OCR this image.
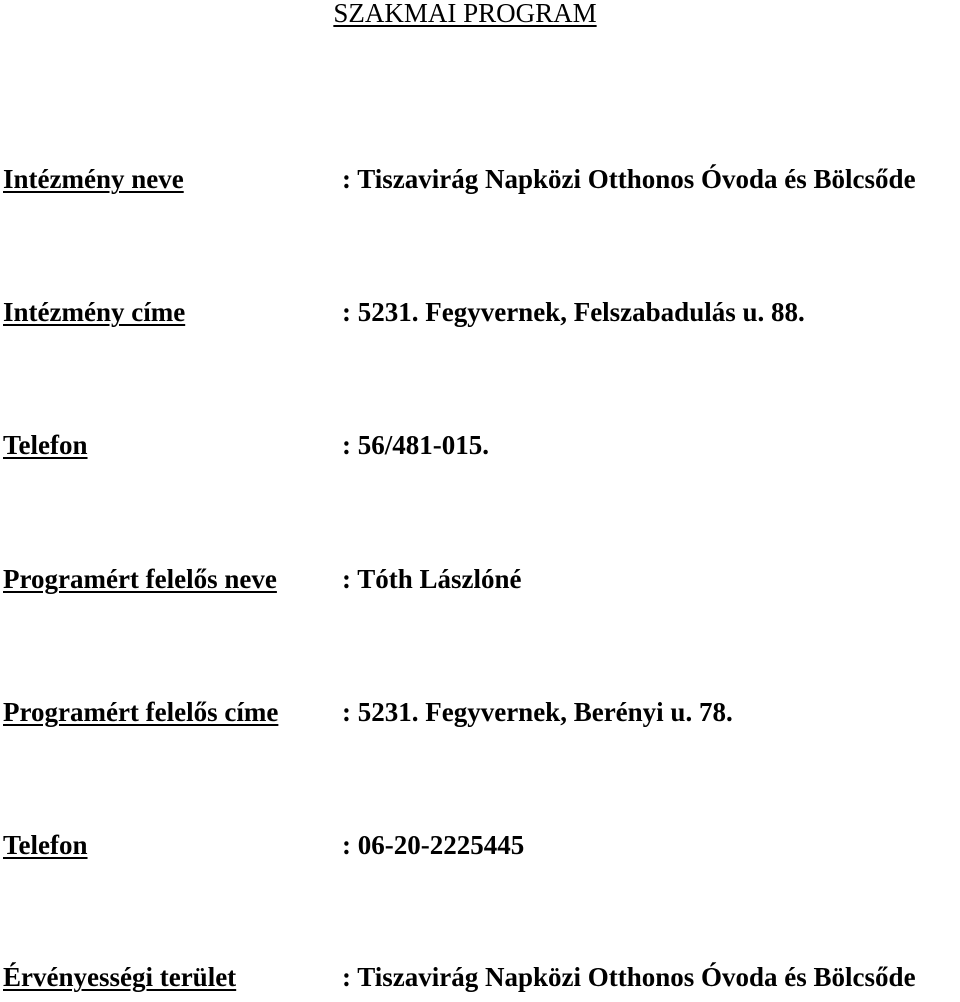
SZAKMAI PROGRAM
Intézmény neve	: Tiszavirág Napközi Otthonos Óvoda és Bölcsőde
Intézmény címe	: 5231. Fegyvernek, Felszabadulás u. 88.
Telefon	: 56/481-015.
Programért felelős neve : Tóth Lászlóné
Programért felelős címe : 5231. Fegyvernek, Berényi u. 78.
Telefon	: 06-20-2225445
Érvényességi terület	: Tiszavirág Napközi Otthonos Óvoda és Bölcsőde
